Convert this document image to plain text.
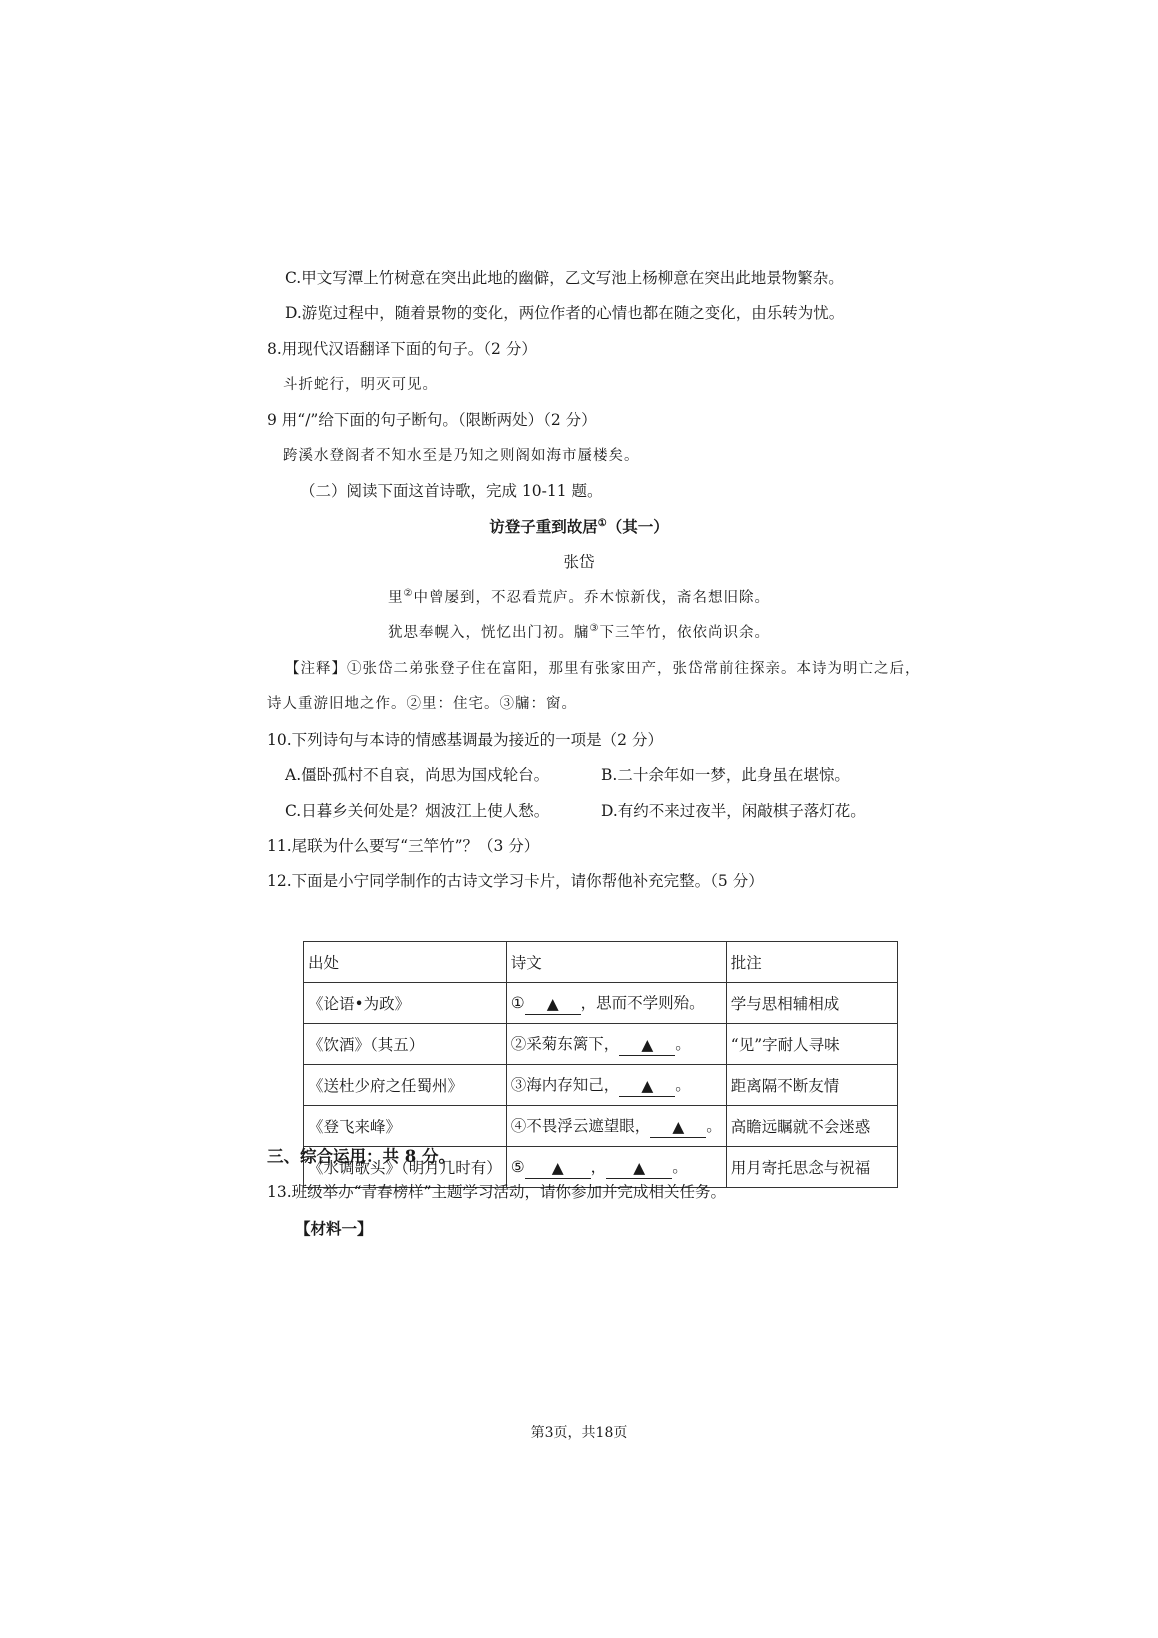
C.甲文写潭上竹树意在突出此地的幽僻，乙文写池上杨柳意在突出此地景物繁杂。
D.游览过程中，随着景物的变化，两位作者的心情也都在随之变化，由乐转为忧。
8.用现代汉语翻译下面的句子。（2 分）
斗折蛇行，明灭可见。
9 用“/”给下面的句子断句。（限断两处）（2 分）
跨溪水登阁者不知水至是乃知之则阁如海市蜃楼矣。
（二）阅读下面这首诗歌，完成 10-11 题。
访登子重到故居①（其一）
张岱
里②中曾屡到，不忍看荒庐。乔木惊新伐，斋名想旧除。
犹思奉幌入，恍忆出门初。牖③下三竿竹，依依尚识余。
【注释】①张岱二弟张登子住在富阳，那里有张家田产，张岱常前往探亲。本诗为明亡之后，
诗人重游旧地之作。②里：住宅。③牖：窗。
10.下列诗句与本诗的情感基调最为接近的一项是（2 分）
A.僵卧孤村不自哀，尚思为国戍轮台。	B.二十余年如一梦，此身虽在堪惊。
C.日暮乡关何处是？烟波江上使人愁。	D.有约不来过夜半，闲敲棋子落灯花。
11.尾联为什么要写“三竿竹”？（3 分）
12.下面是小宁同学制作的古诗文学习卡片，请你帮他补充完整。（5 分）
出处	诗文	批注
《论语•为政》	① ▲ ，思而不学则殆。	学与思相辅相成
《饮酒》（其五）	②采菊东篱下， ▲ 。	“见”字耐人寻味
《送杜少府之任蜀州》	③海内存知己， ▲ 。	距离隔不断友情
《登飞来峰》	④不畏浮云遮望眼， ▲ 。	高瞻远瞩就不会迷惑
《水调歌头》（明月几时有）	⑤ ▲ ， ▲ 。	用月寄托思念与祝福
三、综合运用：共 8 分。
13.班级举办“青春榜样”主题学习活动，请你参加并完成相关任务。
【材料一】
第3页，共18页
